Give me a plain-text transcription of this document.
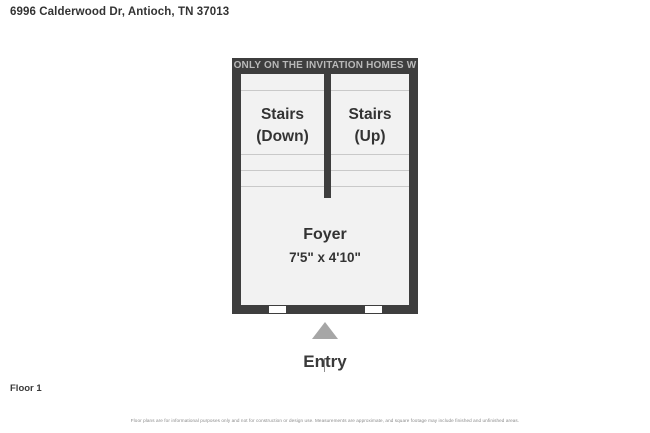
6996 Calderwood Dr, Antioch, TN 37013
ONLY ON THE INVITATION HOMES W
Stairs
(Down)
Stairs
(Up)
Foyer
7'5" x 4'10"
Entry
Floor 1
Floor plans are for informational purposes only and not for construction or design use. Measurements are approximate, and square footage may include finished and unfinished areas.
